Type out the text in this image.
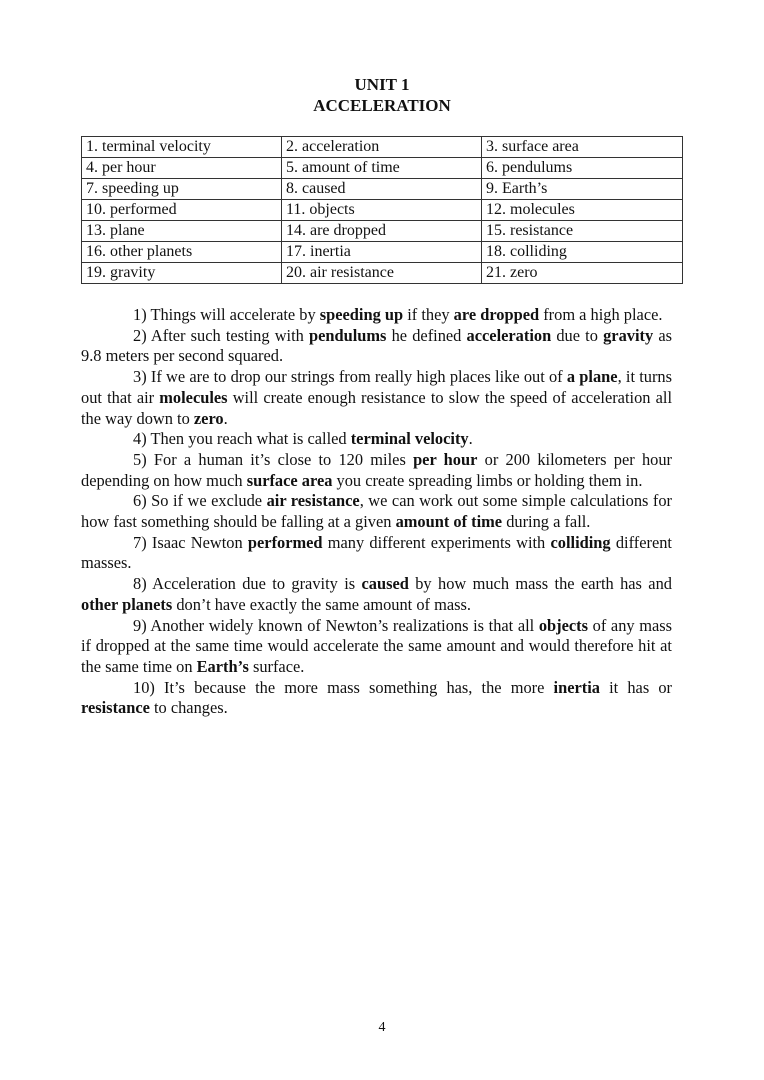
UNIT 1
ACCELERATION
1. terminal velocity	2. acceleration	3. surface area
4. per hour	5. amount of time	6. pendulums
7. speeding up	8. caused	9. Earth’s
10. performed	11. objects	12. molecules
13. plane	14. are dropped	15. resistance
16. other planets	17. inertia	18. colliding
19. gravity	20. air resistance	21. zero

1) Things will accelerate by speeding up if they are dropped from a high place.

2) After such testing with pendulums he defined acceleration due to gravity as 9.8 meters per second squared.

3) If we are to drop our strings from really high places like out of a plane, it turns out that air molecules will create enough resistance to slow the speed of acceleration all the way down to zero.

4) Then you reach what is called terminal velocity.

5) For a human it’s close to 120 miles per hour or 200 kilometers per hour depending on how much surface area you create spreading limbs or holding them in.

6) So if we exclude air resistance, we can work out some simple calculations for how fast something should be falling at a given amount of time during a fall.

7) Isaac Newton performed many different experiments with colliding different masses.

8) Acceleration due to gravity is caused by how much mass the earth has and other planets don’t have exactly the same amount of mass.

9) Another widely known of Newton’s realizations is that all objects of any mass if dropped at the same time would accelerate the same amount and would therefore hit at the same time on Earth’s surface.

10) It’s because the more mass something has, the more inertia it has or resistance to changes.

4
